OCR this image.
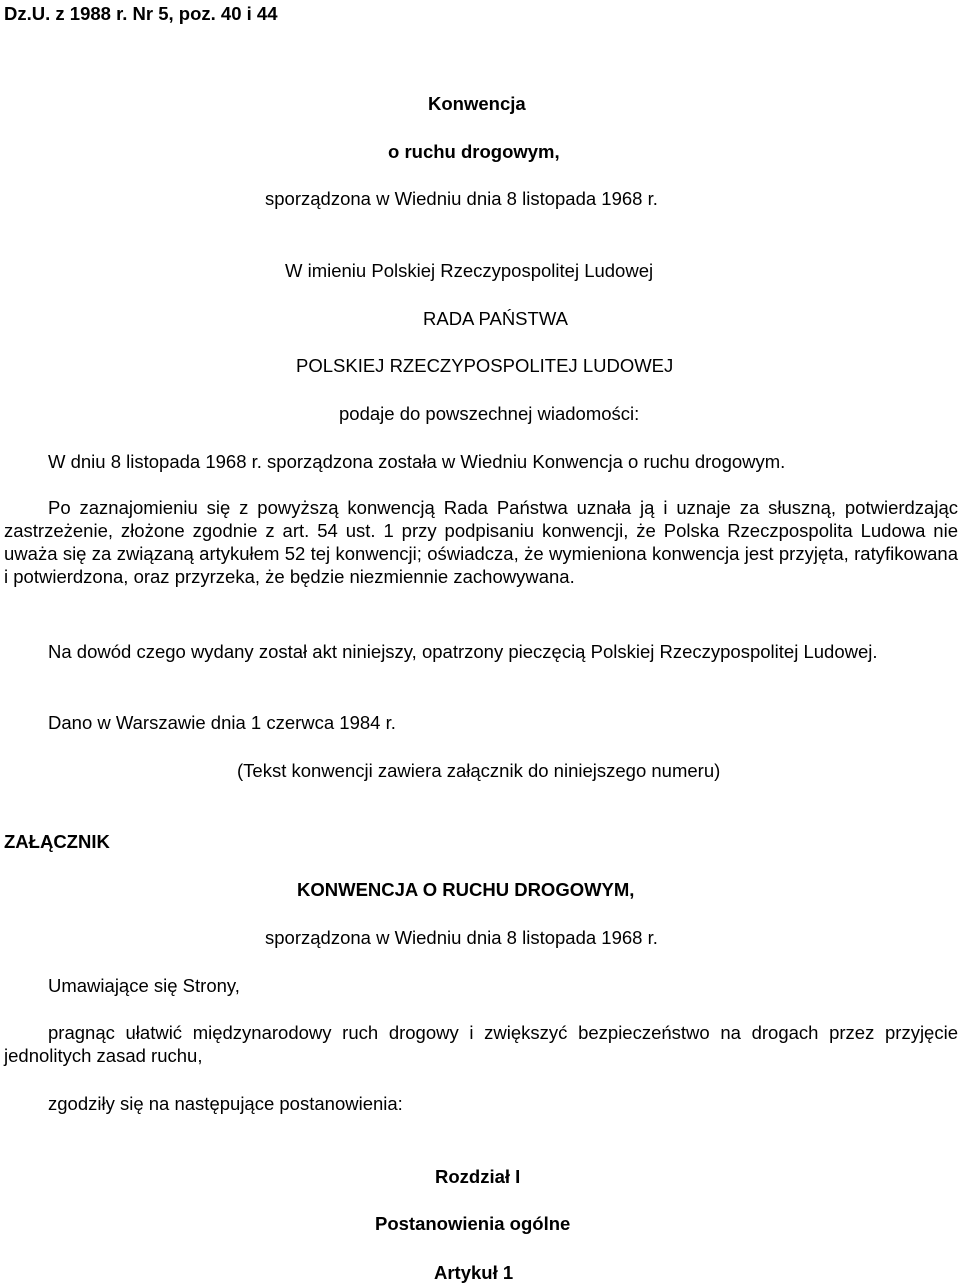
Dz.U. z 1988 r. Nr 5, poz. 40 i 44
Konwencja
o ruchu drogowym,
sporządzona w Wiedniu dnia 8 listopada 1968 r.
W imieniu Polskiej Rzeczypospolitej Ludowej
RADA PAŃSTWA
POLSKIEJ RZECZYPOSPOLITEJ LUDOWEJ
podaje do powszechnej wiadomości:
W dniu 8 listopada 1968 r. sporządzona została w Wiedniu Konwencja o ruchu drogowym.

Po zaznajomieniu się z powyższą konwencją Rada Państwa uznała ją i uznaje za słuszną, potwierdzając zastrzeżenie, złożone zgodnie z art. 54 ust. 1 przy podpisaniu konwencji, że Polska Rzeczpospolita Ludowa nie uważa się za związaną artykułem 52 tej konwencji; oświadcza, że wymieniona konwencja jest przyjęta, ratyfikowana i potwierdzona, oraz przyrzeka, że będzie niezmiennie zachowywana.

Na dowód czego wydany został akt niniejszy, opatrzony pieczęcią Polskiej Rzeczypospolitej Ludowej.

Dano w Warszawie dnia 1 czerwca 1984 r.
(Tekst konwencji zawiera załącznik do niniejszego numeru)
ZAŁĄCZNIK
KONWENCJA O RUCHU DROGOWYM,
sporządzona w Wiedniu dnia 8 listopada 1968 r.
Umawiające się Strony,

pragnąc ułatwić międzynarodowy ruch drogowy i zwiększyć bezpieczeństwo na drogach przez przyjęcie jednolitych zasad ruchu,

zgodziły się na następujące postanowienia:
Rozdział I
Postanowienia ogólne
Artykuł 1
